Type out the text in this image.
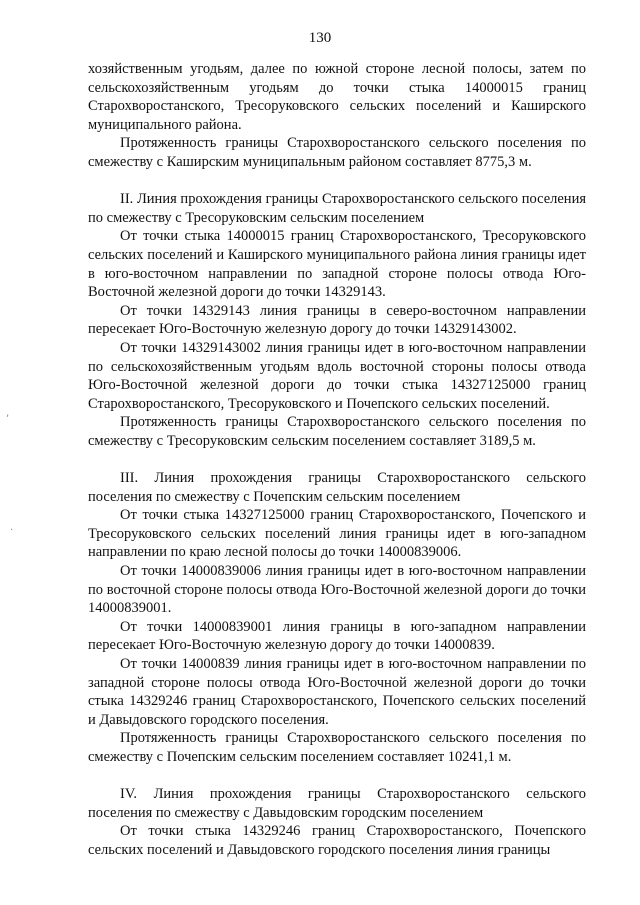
130

хозяйственным угодьям, далее по южной стороне лесной полосы, затем по сельскохозяйственным угодьям до точки стыка 14000015 границ Старохворостанского, Тресоруковского сельских поселений и Каширского муниципального района.

Протяженность границы Старохворостанского сельского поселения по смежеству с Каширским муниципальным районом составляет 8775,3 м.

II. Линия прохождения границы Старохворостанского сельского поселения по смежеству с Тресоруковским сельским поселением

От точки стыка 14000015 границ Старохворостанского, Тресоруковского сельских поселений и Каширского муниципального района линия границы идет в юго-восточном направлении по западной стороне полосы отвода Юго-Восточной железной дороги до точки 14329143.

От точки 14329143 линия границы в северо-восточном направлении пересекает Юго-Восточную железную дорогу до точки 14329143002.

От точки 14329143002 линия границы идет в юго-восточном направлении по сельскохозяйственным угодьям вдоль восточной стороны полосы отвода Юго-Восточной железной дороги до точки стыка 14327125000 границ Старохворостанского, Тресоруковского и Почепского сельских поселений.

Протяженность границы Старохворостанского сельского поселения по смежеству с Тресоруковским сельским поселением составляет 3189,5 м.

III. Линия прохождения границы Старохворостанского сельского поселения по смежеству с Почепским сельским поселением

От точки стыка 14327125000 границ Старохворостанского, Почепского и Тресоруковского сельских поселений линия границы идет в юго-западном направлении по краю лесной полосы до точки 14000839006.

От точки 14000839006 линия границы идет в юго-восточном направлении по восточной стороне полосы отвода Юго-Восточной железной дороги до точки 14000839001.

От точки 14000839001 линия границы в юго-западном направлении пересекает Юго-Восточную железную дорогу до точки 14000839.

От точки 14000839 линия границы идет в юго-восточном направлении по западной стороне полосы отвода Юго-Восточной железной дороги до точки стыка 14329246 границ Старохворостанского, Почепского сельских поселений и Давыдовского городского поселения.

Протяженность границы Старохворостанского сельского поселения по смежеству с Почепским сельским поселением составляет 10241,1 м.

IV. Линия прохождения границы Старохворостанского сельского поселения по смежеству с Давыдовским городским поселением

От точки стыка 14329246 границ Старохворостанского, Почепского сельских поселений и Давыдовского городского поселения линия границы

,
.
